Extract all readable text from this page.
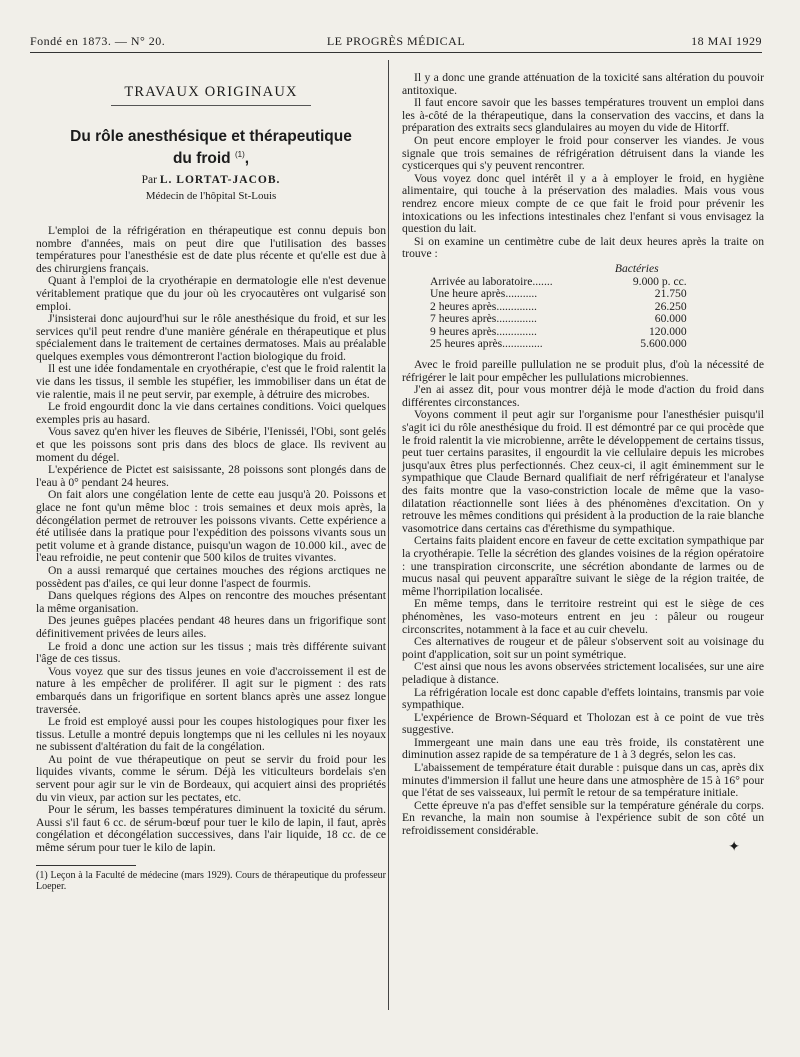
Fondé en 1873. — N° 20.	LE PROGRÈS MÉDICAL	18 MAI 1929
TRAVAUX ORIGINAUX
Du rôle anesthésique et thérapeutique
du froid $^{(1)}$,
Par L. LORTAT-JACOB.
Médecin de l'hôpital St-Louis

L'emploi de la réfrigération en thérapeutique est connu depuis bon nombre d'années, mais on peut dire que l'utilisation des basses températures pour l'anesthésie est de date plus récente et qu'elle est due à des chirurgiens français.

Quant à l'emploi de la cryothérapie en dermatologie elle n'est devenue véritablement pratique que du jour où les cryocautères ont vulgarisé son emploi.

J'insisterai donc aujourd'hui sur le rôle anesthésique du froid, et sur les services qu'il peut rendre d'une manière générale en thérapeutique et plus spécialement dans le traitement de certaines dermatoses. Mais au préalable quelques exemples vous démontreront l'action biologique du froid.

Il est une idée fondamentale en cryothérapie, c'est que le froid ralentit la vie dans les tissus, il semble les stupéfier, les immobiliser dans un état de vie ralentie, mais il ne peut servir, par exemple, à détruire des microbes.

Le froid engourdit donc la vie dans certaines conditions. Voici quelques exemples pris au hasard.

Vous savez qu'en hiver les fleuves de Sibérie, l'Ienisséi, l'Obi, sont gelés et que les poissons sont pris dans des blocs de glace. Ils revivent au moment du dégel.

L'expérience de Pictet est saisissante, 28 poissons sont plongés dans de l'eau à 0° pendant 24 heures.

On fait alors une congélation lente de cette eau jusqu'à 20. Poissons et glace ne font qu'un même bloc : trois semaines et deux mois après, la décongélation permet de retrouver les poissons vivants. Cette expérience a été utilisée dans la pratique pour l'expédition des poissons vivants sous un petit volume et à grande distance, puisqu'un wagon de 10.000 kil., avec de l'eau refroidie, ne peut contenir que 500 kilos de truites vivantes.

On a aussi remarqué que certaines mouches des régions arctiques ne possèdent pas d'ailes, ce qui leur donne l'aspect de fourmis.

Dans quelques régions des Alpes on rencontre des mouches présentant la même organisation.

Des jeunes guêpes placées pendant 48 heures dans un frigorifique sont définitivement privées de leurs ailes.

Le froid a donc une action sur les tissus ; mais très différente suivant l'âge de ces tissus.

Vous voyez que sur des tissus jeunes en voie d'accroissement il est de nature à les empêcher de proliférer. Il agit sur le pigment : des rats embarqués dans un frigorifique en sortent blancs après une assez longue traversée.

Le froid est employé aussi pour les coupes histologiques pour fixer les tissus. Letulle a montré depuis longtemps que ni les cellules ni les noyaux ne subissent d'altération du fait de la congélation.

Au point de vue thérapeutique on peut se servir du froid pour les liquides vivants, comme le sérum. Déjà les viticulteurs bordelais s'en servent pour agir sur le vin de Bordeaux, qui acquiert ainsi des propriétés du vin vieux, par action sur les pectates, etc.

Pour le sérum, les basses températures diminuent la toxicité du sérum. Aussi s'il faut 6 cc. de sérum-bœuf pour tuer le kilo de lapin, il faut, après congélation et décongélation successives, dans l'air liquide, 18 cc. de ce même sérum pour tuer le kilo de lapin.

(1) Leçon à la Faculté de médecine (mars 1929). Cours de thérapeutique du professeur Loeper.

Il y a donc une grande atténuation de la toxicité sans altération du pouvoir antitoxique.

Il faut encore savoir que les basses températures trouvent un emploi dans les à-côté de la thérapeutique, dans la conservation des vaccins, et dans la préparation des extraits secs glandulaires au moyen du vide de Hitorff.

On peut encore employer le froid pour conserver les viandes. Je vous signale que trois semaines de réfrigération détruisent dans la viande les cysticerques qui s'y peuvent rencontrer.

Vous voyez donc quel intérêt il y a à employer le froid, en hygiène alimentaire, qui touche à la préservation des maladies. Mais vous vous rendrez encore mieux compte de ce que fait le froid pour prévenir les intoxications ou les infections intestinales chez l'enfant si vous envisagez la question du lait.

Si on examine un centimètre cube de lait deux heures après la traite on trouve :

	Bactéries
Arrivée au laboratoire.......	9.000 p. cc.
Une heure après...........	21.750
2 heures après..............	26.250
7 heures après..............	60.000
9 heures après..............	120.000
25 heures après..............	5.600.000

Avec le froid pareille pullulation ne se produit plus, d'où la nécessité de réfrigérer le lait pour empêcher les pullulations microbiennes.

J'en ai assez dit, pour vous montrer déjà le mode d'action du froid dans différentes circonstances.

Voyons comment il peut agir sur l'organisme pour l'anesthésier puisqu'il s'agit ici du rôle anesthésique du froid. Il est démontré par ce qui procède que le froid ralentit la vie microbienne, arrête le développement de certains tissus, peut tuer certains parasites, il engourdit la vie cellulaire depuis les microbes jusqu'aux êtres plus perfectionnés. Chez ceux-ci, il agit éminemment sur le sympathique que Claude Bernard qualifiait de nerf réfrigérateur et l'analyse des faits montre que la vaso-constriction locale de même que la vaso-dilatation réactionnelle sont liées à des phénomènes d'excitation. On y retrouve les mêmes conditions qui président à la production de la raie blanche vasomotrice dans certains cas d'érethisme du sympathique.

Certains faits plaident encore en faveur de cette excitation sympathique par la cryothérapie. Telle la sécrétion des glandes voisines de la région opératoire : une transpiration circonscrite, une sécrétion abondante de larmes ou de mucus nasal qui peuvent apparaître suivant le siège de la région traitée, de même l'horripilation localisée.

En même temps, dans le territoire restreint qui est le siège de ces phénomènes, les vaso-moteurs entrent en jeu : pâleur ou rougeur circonscrites, notamment à la face et au cuir chevelu.

Ces alternatives de rougeur et de pâleur s'observent soit au voisinage du point d'application, soit sur un point symétrique.

C'est ainsi que nous les avons observées strictement localisées, sur une aire peladique à distance.

La réfrigération locale est donc capable d'effets lointains, transmis par voie sympathique.

L'expérience de Brown-Séquard et Tholozan est à ce point de vue très suggestive.

Immergeant une main dans une eau très froide, ils constatèrent une diminution assez rapide de sa température de 1 à 3 degrés, selon les cas.

L'abaissement de température était durable : puisque dans un cas, après dix minutes d'immersion il fallut une heure dans une atmosphère de 15 à 16° pour que l'état de ses vaisseaux, lui permît le retour de sa température initiale.

Cette épreuve n'a pas d'effet sensible sur la température générale du corps. En revanche, la main non soumise à l'expérience subit de son côté un refroidissement considérable.

✦
